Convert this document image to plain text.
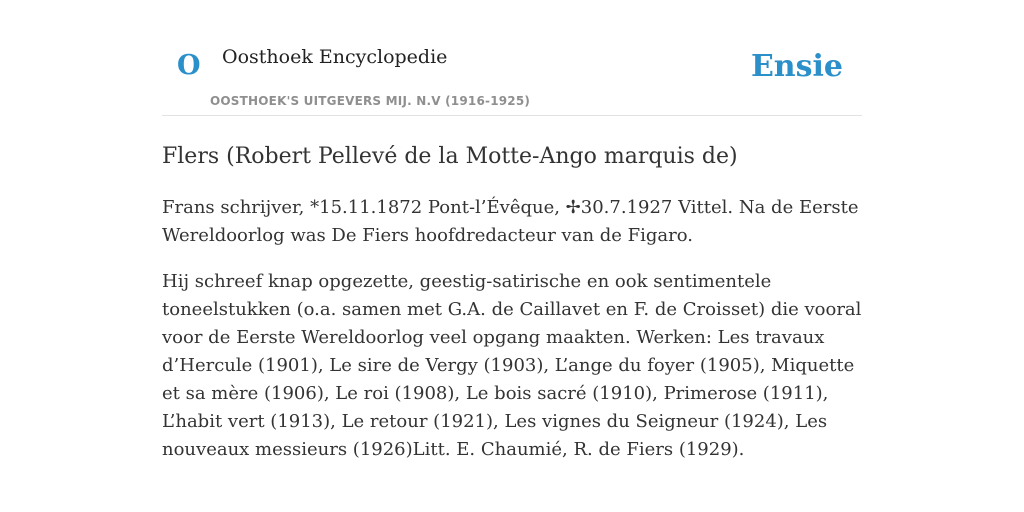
O Oosthoek Encyclopedie
OOSTHOEK'S UITGEVERS MIJ. N.V (1916-1925)
Ensie
Flers (Robert Pellevé de la Motte-Ango marquis de)

Frans schrijver, *15.11.1872 Pont-l’Évêque, ✢30.7.1927 Vittel. Na de Eerste Wereldoorlog was De Fiers hoofdredacteur van de Figaro.

Hij schreef knap opgezette, geestig-satirische en ook sentimentele toneelstukken (o.a. samen met G.A. de Caillavet en F. de Croisset) die vooral voor de Eerste Wereldoorlog veel opgang maakten. Werken: Les travaux d’Hercule (1901), Le sire de Vergy (1903), L’ange du foyer (1905), Miquette et sa mère (1906), Le roi (1908), Le bois sacré (1910), Primerose (1911), L’habit vert (1913), Le retour (1921), Les vignes du Seigneur (1924), Les nouveaux messieurs (1926)Litt. E. Chaumié, R. de Fiers (1929).
